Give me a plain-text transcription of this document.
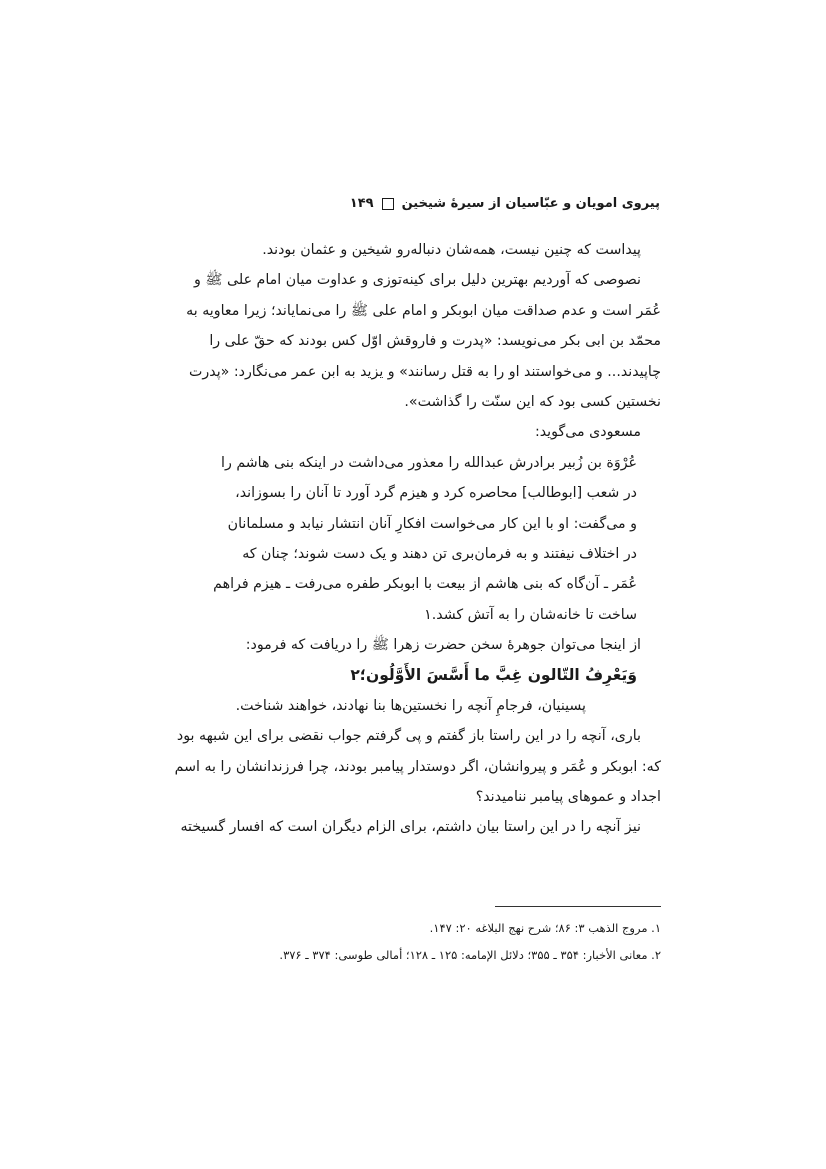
پیروی امویان و عبّاسیان از سیرهٔ شیخین
۱۴۹
پیداست که چنین نیست، همه‌شان دنباله‌رو شیخین و عثمان بودند.
نصوصی که آوردیم بهترین دلیل برای کینه‌توزی و عداوت میان امام علی ﷺ و
عُمَر است و عدم صداقت میان ابوبکر و امام علی ﷺ را می‌نمایاند؛ زیرا معاویه به
محمّد بن ابی بکر می‌نویسد: «پدرت و فاروقش اوّل کس بودند که حقّ علی را
چاپیدند... و می‌خواستند او را به قتل رسانند» و یزید به ابن عمر می‌نگارد: «پدرت
نخستین کسی بود که این سنّت را گذاشت».
مسعودی می‌گوید:
عُرْوَة بن زُبیر برادرش عبدالله را معذور می‌داشت در اینکه بنی هاشم را
در شعب [ابوطالب] محاصره کرد و هیزم گرد آورد تا آنان را بسوزاند،
و می‌گفت: او با این کار می‌خواست افکارِ آنان انتشار نیابد و مسلمانان
در اختلاف نیفتند و به فرمان‌بری تن دهند و یک دست شوند؛ چنان که
عُمَر ـ آن‌گاه که بنی هاشم از بیعت با ابوبکر طفره می‌رفت ـ هیزم فراهم
ساخت تا خانه‌شان را به آتش کشد.۱
از اینجا می‌توان جوهرهٔ سخن حضرت زهرا ﷺ را دریافت که فرمود:
وَيَعْرِفُ التّالون غِبَّ ما أَسَّسَ الأَوَّلُون؛۲
پسینیان، فرجامِ آنچه را نخستین‌ها بنا نهادند، خواهند شناخت.
باری، آنچه را در این راستا باز گفتم و پی گرفتم جواب نقضی برای این شبهه بود
که: ابوبکر و عُمَر و پیروانشان، اگر دوستدار پیامبر بودند، چرا فرزندانشان را به اسم
اجداد و عموهای پیامبر ننامیدند؟
نیز آنچه را در این راستا بیان داشتم، برای الزام دیگران است که افسار گسیخته
۱. مروج الذهب ۳: ۸۶؛ شرح نهج البلاغه ۲۰: ۱۴۷.
۲. معانی الأخبار: ۳۵۴ ـ ۳۵۵؛ دلائل الإمامه: ۱۲۵ ـ ۱۲۸؛ أمالی طوسی: ۳۷۴ ـ ۳۷۶.
